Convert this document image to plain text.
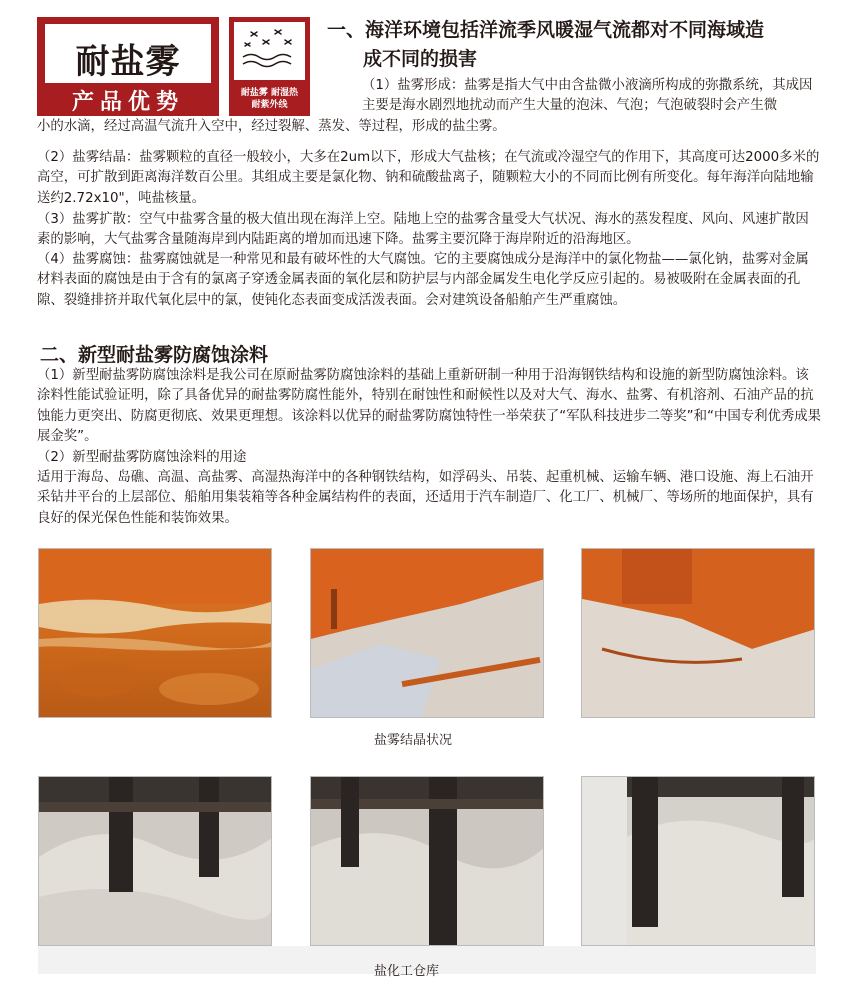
耐盐雾
产品优势	耐盐雾 耐湿热
耐紫外线
一、海洋环境包括洋流季风暖湿气流都对不同海域造
成不同的损害
（1）盐雾形成：盐雾是指大气中由含盐微小液滴所构成的弥撒系统，其成因主要是海水剧烈地扰动而产生大量的泡沫、气泡；气泡破裂时会产生微
小的水滴，经过高温气流升入空中，经过裂解、蒸发、等过程，形成的盐尘雾。
（2）盐雾结晶：盐雾颗粒的直径一般较小，大多在2um以下，形成大气盐核；在气流或冷湿空气的作用下，其高度可达2000多米的高空，可扩散到距离海洋数百公里。其组成主要是氯化物、钠和硫酸盐离子，随颗粒大小的不同而比例有所变化。每年海洋向陆地输送约2.72x10"，吨盐核量。
（3）盐雾扩散：空气中盐雾含量的极大值出现在海洋上空。陆地上空的盐雾含量受大气状况、海水的蒸发程度、风向、风速扩散因素的影响，大气盐雾含量随海岸到内陆距离的增加而迅速下降。盐雾主要沉降于海岸附近的沿海地区。
（4）盐雾腐蚀：盐雾腐蚀就是一种常见和最有破坏性的大气腐蚀。它的主要腐蚀成分是海洋中的氯化物盐——氯化钠，盐雾对金属材料表面的腐蚀是由于含有的氯离子穿透金属表面的氧化层和防护层与内部金属发生电化学反应引起的。易被吸附在金属表面的孔隙、裂缝排挤并取代氧化层中的氯，使钝化态表面变成活泼表面。会对建筑设备船舶产生严重腐蚀。
二、新型耐盐雾防腐蚀涂料
（1）新型耐盐雾防腐蚀涂料是我公司在原耐盐雾防腐蚀涂料的基础上重新研制一种用于沿海钢铁结构和设施的新型防腐蚀涂料。该涂料性能试验证明，除了具备优异的耐盐雾防腐性能外，特别在耐蚀性和耐候性以及对大气、海水、盐雾、有机溶剂、石油产品的抗蚀能力更突出、防腐更彻底、效果更理想。该涂料以优异的耐盐雾防腐蚀特性一举荣获了“军队科技进步二等奖”和“中国专利优秀成果展金奖”。
（2）新型耐盐雾防腐蚀涂料的用途
适用于海岛、岛礁、高温、高盐雾、高湿热海洋中的各种钢铁结构，如浮码头、吊装、起重机械、运输车辆、港口设施、海上石油开采钻井平台的上层部位、船舶用集装箱等各种金属结构件的表面，还适用于汽车制造厂、化工厂、机械厂、等场所的地面保护，具有良好的保光保色性能和装饰效果。
盐雾结晶状况
盐化工仓库
